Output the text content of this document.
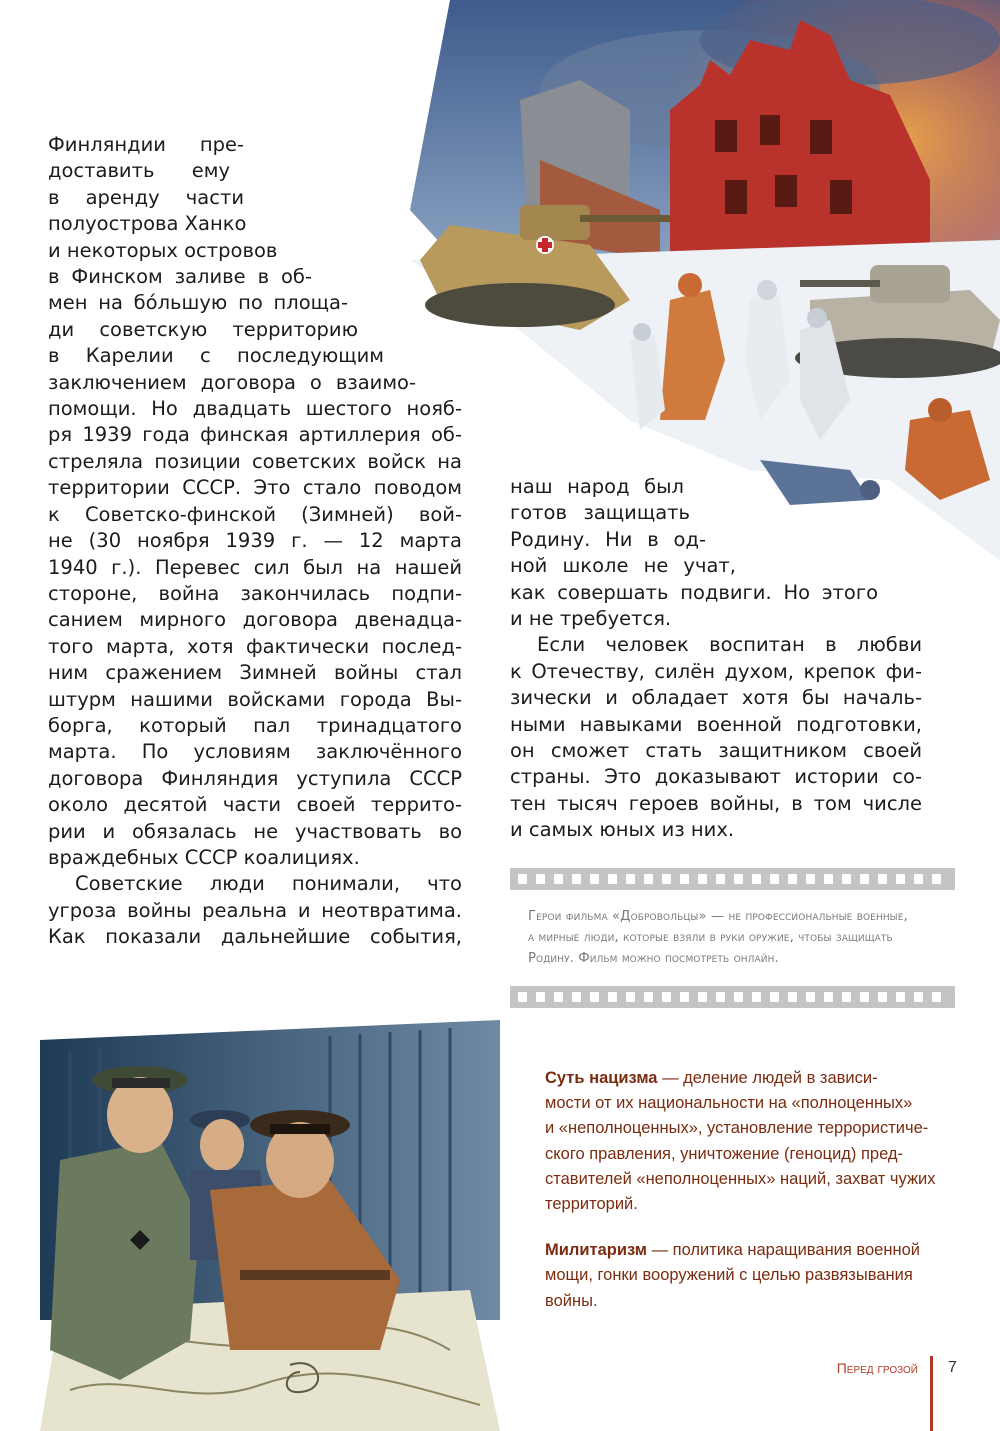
Финляндии пре-

доставить ему

в аренду части

полуострова Ханко

и некоторых островов

в Финском заливе в об-

мен на бо́льшую по площа-

ди советскую территорию

в Карелии с последующим

заключением договора о взаимо-

помощи. Но двадцать шестого нояб-

ря 1939 года финская артиллерия об-

стреляла позиции советских войск на

территории СССР. Это стало поводом

к Советско-финской (Зимней) вой-

не (30 ноября 1939 г. — 12 марта

1940 г.). Перевес сил был на нашей

стороне, война закончилась подпи-

санием мирного договора двенадца-

того марта, хотя фактически послед-

ним сражением Зимней войны стал

штурм нашими войсками города Вы-

борга, который пал тринадцатого

марта. По условиям заключённого

договора Финляндия уступила СССР

около десятой части своей террито-

рии и обязалась не участвовать во

враждебных СССР коалициях.

Советские люди понимали, что

угроза войны реальна и неотвратима.

Как показали дальнейшие события,

наш народ был

готов защищать

Родину. Ни в од-

ной школе не учат,

как совершать подвиги. Но этого

и не требуется.

Если человек воспитан в любви

к Отечеству, силён духом, крепок фи-

зически и обладает хотя бы началь-

ными навыками военной подготовки,

он сможет стать защитником своей

страны. Это доказывают истории со-

тен тысяч героев войны, в том числе

и самых юных из них.

Герои фильма «Добровольцы» — не профессиональные военные,

а мирные люди, которые взяли в руки оружие, чтобы защищать

Родину. Фильм можно посмотреть онлайн.

Суть нацизма — деление людей в зависи-

мости от их национальности на «полноценных»

и «неполноценных», установление террористиче-

ского правления, уничтожение (геноцид) пред-

ставителей «неполноценных» наций, захват чужих

территорий.

Милитаризм — политика наращивания военной

мощи, гонки вооружений с целью развязывания

войны.

Перед грозой 7
